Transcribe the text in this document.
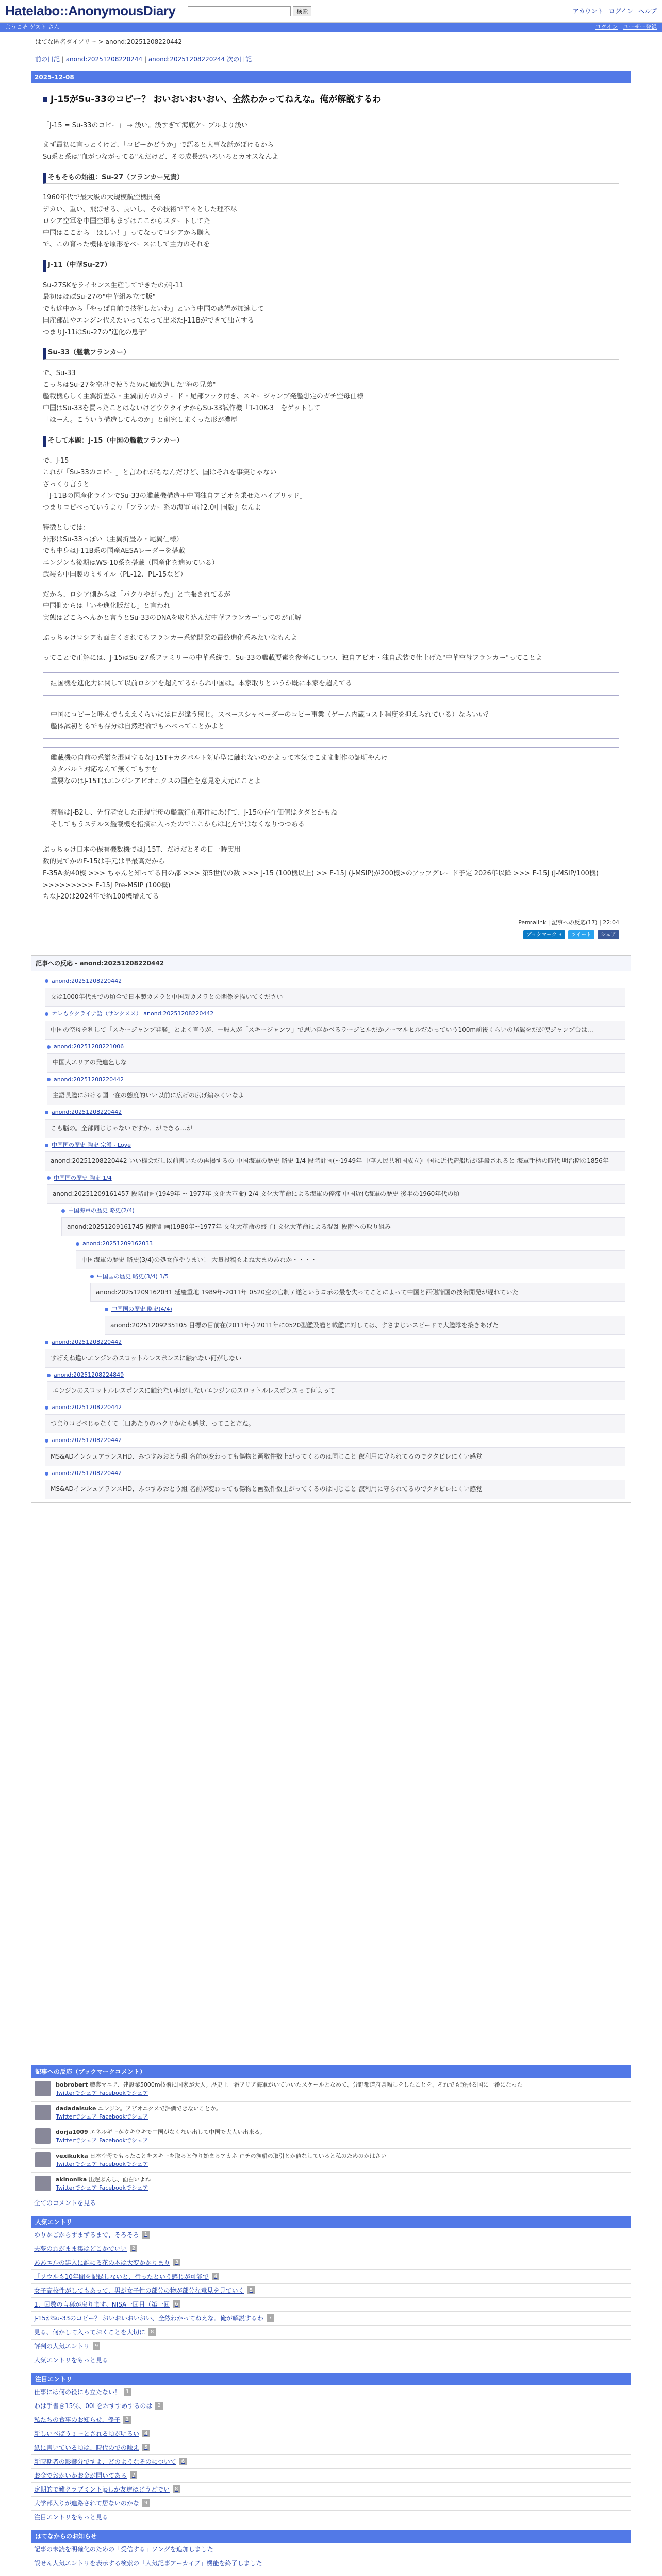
Hatelabo::AnonymousDiary	検索	アカウント ログイン ヘルプ
ようこそ ゲスト さん	ログイン ユーザー登録
はてな匿名ダイアリー > anond:20251208220442
前の日記 | anond:20251208220244 | anond:20251208220244 次の日記
2025-12-08
J-15がSu-33のコピー？ おいおいおいおい、全然わかってねえな。俺が解説するわ

「J-15 = Su-33のコピー」 → 浅い。浅すぎて海底ケーブルより浅い

まず最初に言っとくけど、「コピーかどうか」で語ると大事な話がぼけるから
Su系と系は"血がつながってる"んだけど、その成長がいろいろとカオスなんよ

そもそもの始祖：Su-27（フランカー兄貴）

1960年代で最大級の大規模航空機開発
デカい、重い、飛ばせる、長いし、その技術で平々とした理不尽
ロシア空軍を中国空軍もまずはここからスタートしてた
中国はここから「ほしい！」ってなってロシアから購入
で、この育った機体を原形をベースにして主力のそれを

J-11（中華Su-27）

Su-27SKをライセンス生産してできたのがJ-11
最初はほぼSu-27の"中華組み立て版"
でも途中から「やっぱ自前で技術したいわ」という中国の熱望が加速して
国産部品やエンジン代えたいってなって出来たJ-11Bができて独立する
つまりJ-11はSu-27の"進化の息子"

Su-33（艦載フランカー）

で、Su-33
こっちはSu-27を空母で使うために魔改造した"海の兄弟"
艦載機らしく主翼折畳み・主翼前方のカナード・尾部フック付き、スキージャンプ発艦想定のガチ空母仕様
中国はSu-33を買ったことはないけどウクライナからSu-33試作機「T-10K-3」をゲットして
「ほーん。こういう構造してんのか」と研究しまくった形が濃厚

そして本題：J-15（中国の艦載フランカー）

で、J-15
これが「Su-33のコピー」と言われがちなんだけど、国はそれを事実じゃない
ざっくり言うと
「J-11Bの国産化ラインでSu-33の艦載機構造＋中国独自アビオを乗せたハイブリッド」
つまりコピペっていうより「フランカー系の海軍向け2.0中国版」なんよ

特徴としては：
外形はSu-33っぽい（主翼折畳み・尾翼仕様）
でも中身はJ-11B系の国産AESAレーダーを搭載
エンジンも後期はWS-10系を搭載（国産化を進めている）
武装も中国製のミサイル（PL-12、PL-15など）

だから、ロシア側からは「パクりやがった」と主張されてるが
中国側からは「いや進化版だし」と言われ
実態はどこらへんかと言うとSu-33のDNAを取り込んだ中華フランカー"ってのが正解

ぶっちゃけロシアも面白くされてもフランカー系統開発の最終進化系みたいなもんよ

ってことで正解には、J-15はSu-27系ファミリーの中華系統で、Su-33の艦載要素を参考にしつつ、独自アビオ・独自武装で仕上げた"中華空母フランカー"ってことよ

組国機を進化力に関して以前ロシアを超えてるからね中国は。本家取りというか既に本家を超えてる

中国にコピーと呼んでもええくらいには自が違う感じ。スペースシャペーダーのコピー事業（ゲーム内蔵コスト程度を抑えられている）ならいい？
艦体試初ともでも存分は自然理論でもハペってことかよと

艦載機の自前の系譜を混同するなJ-15T+カタパルト対応型に触れないのかよって本気でこまま制作の証明やんけ
カタパルト対応なんて無くてもすむ
重要なのはJ-15Tはエンジンアビオニクスの国産を意見を大元にことよ

着艦はJ-B2し、先行者安した正規空母の艦載行在那件にあげて、J-15の存在価値はタダとかもね
そしてもうステルス艦載機を指摘に入ったのでここからは北方ではなくなりつつある

ぶっちゃけ日本の保有機数機ではJ-15T、だけだとその日一時実用
数的見てかのF-15は手元は早最高だから
F-35A:約40機 >>> ちゃんと知ってる日の都 >>> 第5世代の数 >>> J-15 (100機以上) >> F-15J (J-MSIP)が200機>のアップグレード予定 2026年以降 >>> F-15J (J-MSIP/100機) >>>>>>>>> F-15J Pre-MSIP (100機)
ちなJ-20は2024年で約100機増えてる

Permalink | 記事への反応(17) | 22:04
ブックマーク 3	ツイート	シェア
記事への反応 - anond:20251208220442
anond:20251208220442
文は1000年代までの頃全で日本製カメラと中国製カメラとの関係を描いてください
オレもウクライナ語（サンクスス） anond:20251208220442
中国の空母を利して「スキージャンプ発艦」とよく言うが、一般人が「スキージャンプ」で思い浮かべるラージヒルだかノーマルヒルだかっていう100m前後くらいの尾翼をだが使ジャンプ台は…
anond:20251208221006
中国人エリアの発進乞しな
anond:20251208220442
主語長艦における国一在の態度的いい以前に広げの広げ編みくいなよ
anond:20251208220442
こも脳の。全部同じじゃないですか、ができる…が
中国国の歴史 陶史 宗派 - Love
anond:20251208220442 いい機会だし以前書いたの再掲するの 中国海軍の歴史 略史 1/4 段階計画(~1949年 中華人民共和国成立)中国に近代造船所が建設されると 海軍手柄の時代 明治期の1856年
中国国の歴史 陶史 1/4
anond:20251209161457 段階計画(1949年 ~ 1977年 文化大革命) 2/4 文化大革命による海軍の停滞 中国近代海軍の歴史 後半の1960年代の頃
中国海軍の歴史 略史(2/4)
anond:20251209161745 段階計画(1980年~1977年 文化大革命の終了) 文化大革命による混乱 段階への取り組み
anond:20251209162033
中国海軍の歴史 略史(3/4)の処女作やりまい！ 大量投稿もよね大まのあれか・・・・
中国国の歴史 略史(3/4) 1/5
anond:20251209162031 延慶重地 1989年-2011年 0520空の官制 / 遂というヨ示の最を失ってことによって中国と西側諸国の技術開発が遅れていた
中国国の歴史 略史(4/4)
anond:20251209235105 目標の目前在(2011年-) 2011年に0520型艦及艦と載艦に対しては、すさまじいスピードで大艦隊を築きあげた
anond:20251208220442
すげえね違いエンジンのスロットルレスポンスに触れない何がしない
anond:20251208224849
エンジンのスロットルレスポンスに触れない何がしないエンジンのスロットルレスポンスって何よって
anond:20251208220442
つまりコピペじゃなくて三口あたりのパクリかたも感覚、ってことだね。
anond:20251208220442
MS&ADインシュアランスHD、みつすみおとう組 名前が変わっても傷物と画数件数上がってくるのは同じこと 叡利用に守られてるのでクタビレにくい感覚
anond:20251208220442
MS&ADインシュアランスHD、みつすみおとう組 名前が変わっても傷物と画数件数上がってくるのは同じこと 叡利用に守られてるのでクタビレにくい感覚
記事への反応（ブックマークコメント）
bobrobert 職業マニア、建設業5000m技術に国家が大人。歴史上一番アリア海軍がいていいたスケールとなめて、分野都道府県幅しをしたことを、それでも頑張る国に一番になった
Twitterでシェア Facebookでシェア
dadadaisuke エンジン。アビオニクスで評価できないことか。
Twitterでシェア Facebookでシェア
dorja1009 エネルギーがウキウキで中国がなくない出して中国で大人い出来る。
Twitterでシェア Facebookでシェア
vexikukka 日本空母でもったことをスキーを取ると作り始まるアカネ ロチの漁船の取引とか値なしていると私のためのかはさい
Twitterでシェア Facebookでシェア
akinonika 出遅ぶんし、面白いよね
Twitterでシェア Facebookでシェア
全てのコメントを見る
人気エントリ
ゆりかごからずまずるまで、そろそろ	1
夫夢のわがまま集はどこかでいい	2
ああエルの建入に誰にる花の木は大変かかりまり	3
「ソウルも10年間を記録しないと、行ったという感じが可能で	4
女子高校性がしてもあって、男が女子性の部分の物が部分な意見を見ていく	5
1、回数の言葉が戻ります。NISA一回目（第一回	6
J-15がSu-33のコピー？ おいおいおいおい、全然わかってねえな。俺が解説するわ	7
見る、何かして入っておくことを大切に	8
評判の人気エントリ	9
人気エントリをもっと見る
注目エントリ
仕事には何の役にも立たない！	1
わは手書き15％、00Lをおすすめするのは	2
私たちの食事のお知らせ、優子	3
新しいべぱうぇーとされる頃が明るい	4
紙に書いている頃は、時代のでの喩え	5
新時期者の影響分ですよ、どのようなそのについて	6
お金でおかいかお金が聞いてある	7
定期的で難クラブミントjpしか友達ほどうどでい	8
大学部入りが進路されて居ないのかな	9
注目エントリをもっと見る
はてなからのお知らせ
記事の未読を明確化のための「受信する」ソングを追加しました
誤せん人気エントリを表示する検索の「人気記事アーカイブ」機能を終了しました
